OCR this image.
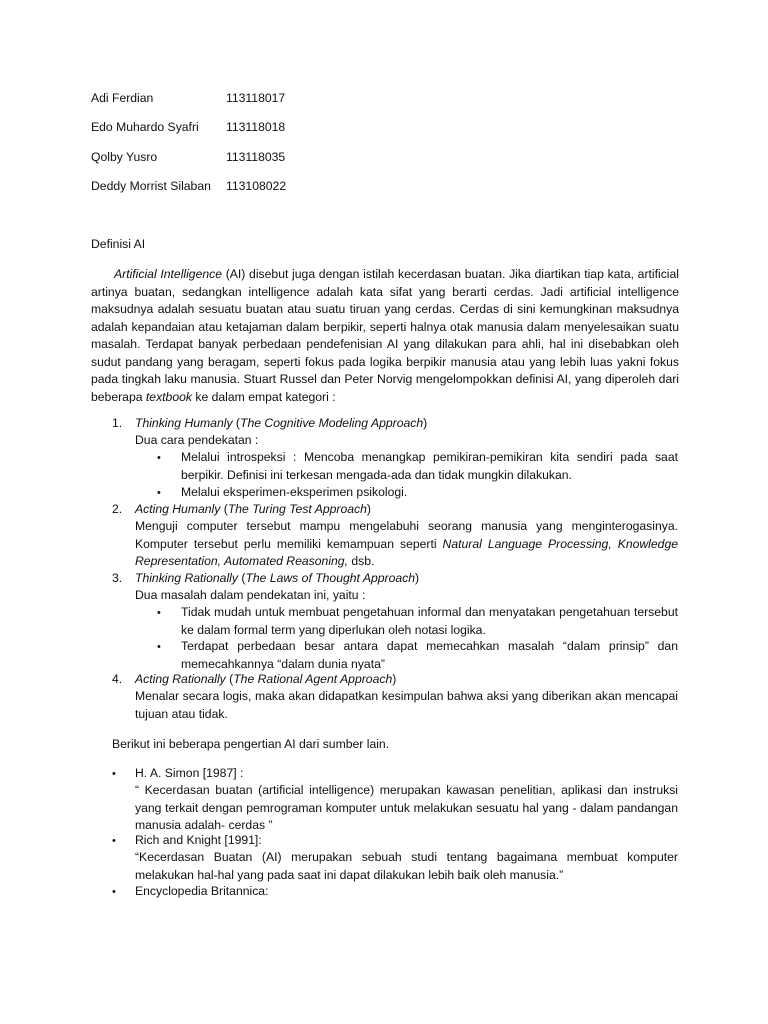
Adi Ferdian	113118017
Edo Muhardo Syafri	113118018
Qolby Yusro	113118035
Deddy Morrist Silaban	113108022
Definisi AI

Artificial Intelligence (AI) disebut juga dengan istilah kecerdasan buatan. Jika diartikan tiap kata, artificial artinya buatan, sedangkan intelligence adalah kata sifat yang berarti cerdas. Jadi artificial intelligence maksudnya adalah sesuatu buatan atau suatu tiruan yang cerdas. Cerdas di sini kemungkinan maksudnya adalah kepandaian atau ketajaman dalam berpikir, seperti halnya otak manusia dalam menyelesaikan suatu masalah. Terdapat banyak perbedaan pendefenisian AI yang dilakukan para ahli, hal ini disebabkan oleh sudut pandang yang beragam, seperti fokus pada logika berpikir manusia atau yang lebih luas yakni fokus pada tingkah laku manusia. Stuart Russel dan Peter Norvig mengelompokkan definisi AI, yang diperoleh dari beberapa textbook ke dalam empat kategori :

1.	Thinking Humanly (The Cognitive Modeling Approach)
Dua cara pendekatan :
•	Melalui introspeksi : Mencoba menangkap pemikiran-pemikiran kita sendiri pada saat berpikir. Definisi ini terkesan mengada-ada dan tidak mungkin dilakukan.

•	Melalui eksperimen-eksperimen psikologi.

2.	Acting Humanly (The Turing Test Approach)

Menguji computer tersebut mampu mengelabuhi seorang manusia yang menginterogasinya. Komputer tersebut perlu memiliki kemampuan seperti Natural Language Processing, Knowledge Representation, Automated Reasoning, dsb.

3.	Thinking Rationally (The Laws of Thought Approach)
Dua masalah dalam pendekatan ini, yaitu :
•	Tidak mudah untuk membuat pengetahuan informal dan menyatakan pengetahuan tersebut ke dalam formal term yang diperlukan oleh notasi logika.

•	Terdapat perbedaan besar antara dapat memecahkan masalah “dalam prinsip” dan memecahkannya “dalam dunia nyata”

4.	Acting Rationally (The Rational Agent Approach)

Menalar secara logis, maka akan didapatkan kesimpulan bahwa aksi yang diberikan akan mencapai tujuan atau tidak.

Berikut ini beberapa pengertian AI dari sumber lain.
•	H. A. Simon [1987] :

“ Kecerdasan buatan (artificial intelligence) merupakan kawasan penelitian, aplikasi dan instruksi yang terkait dengan pemrograman komputer untuk melakukan sesuatu hal yang - dalam pandangan manusia adalah- cerdas ”

•	Rich and Knight [1991]:

“Kecerdasan Buatan (AI) merupakan sebuah studi tentang bagaimana membuat komputer melakukan hal-hal yang pada saat ini dapat dilakukan lebih baik oleh manusia.”

•	Encyclopedia Britannica:
